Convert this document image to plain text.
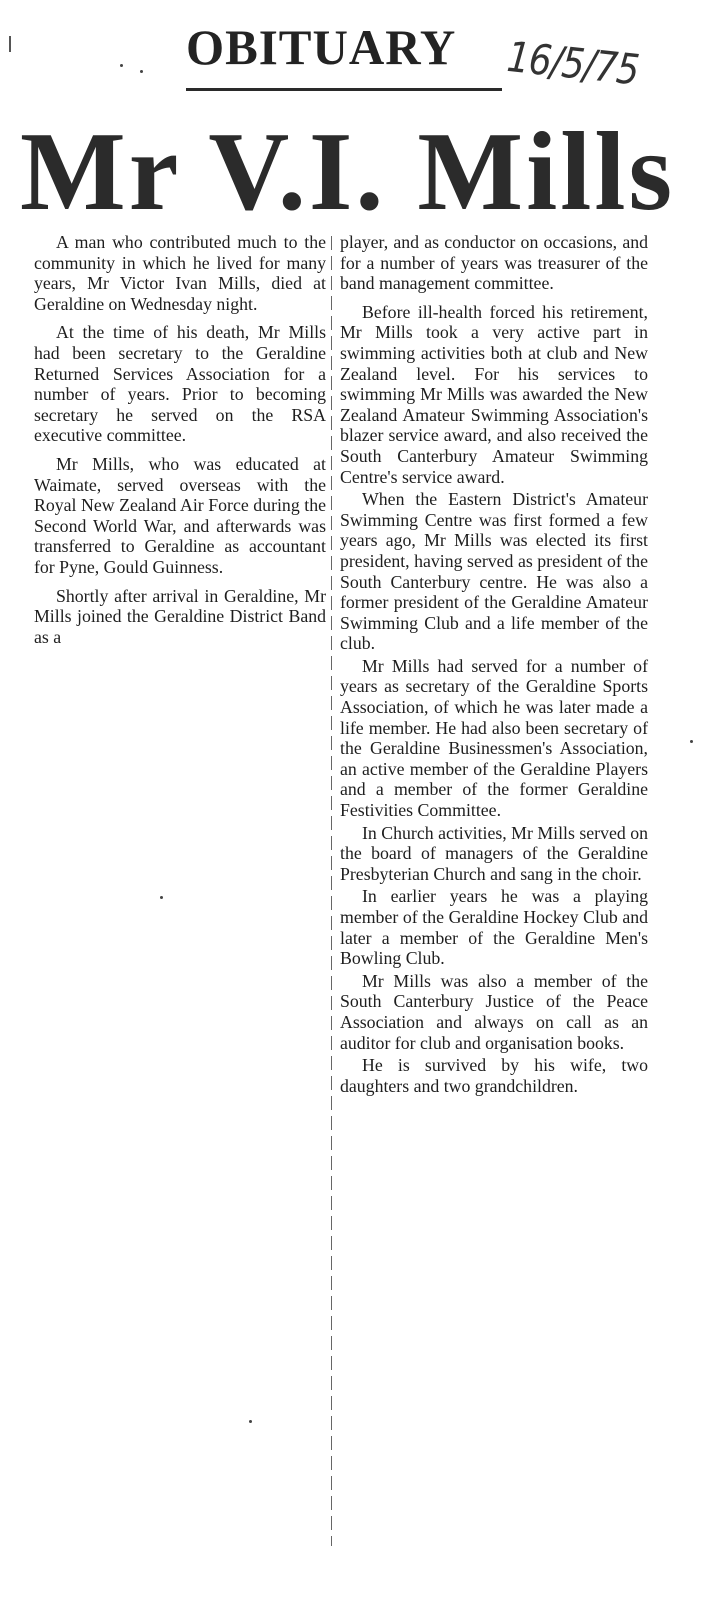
OBITUARY 16/5/75
Mr V.I. Mills

A man who contributed much to the community in which he lived for many years, Mr Victor Ivan Mills, died at Geraldine on Wednesday night.

At the time of his death, Mr Mills had been secretary to the Geraldine Returned Services Association for a number of years. Prior to becoming secretary he served on the RSA executive committee.

Mr Mills, who was educated at Waimate, served overseas with the Royal New Zealand Air Force during the Second World War, and afterwards was transferred to Geraldine as accountant for Pyne, Gould Guinness.

Shortly after arrival in Geraldine, Mr Mills joined the Geraldine District Band as a

player, and as conductor on occasions, and for a number of years was treasurer of the band management committee.

Before ill-health forced his retirement, Mr Mills took a very active part in swimming activities both at club and New Zealand level. For his services to swimming Mr Mills was awarded the New Zealand Amateur Swimming Association's blazer service award, and also received the South Canterbury Amateur Swimming Centre's service award.

When the Eastern District's Amateur Swimming Centre was first formed a few years ago, Mr Mills was elected its first president, having served as president of the South Canterbury centre. He was also a former president of the Geraldine Amateur Swimming Club and a life member of the club.

Mr Mills had served for a number of years as secretary of the Geraldine Sports Association, of which he was later made a life member. He had also been secretary of the Geraldine Businessmen's Association, an active member of the Geraldine Players and a member of the former Geraldine Festivities Committee.

In Church activities, Mr Mills served on the board of managers of the Geraldine Presbyterian Church and sang in the choir.

In earlier years he was a playing member of the Geraldine Hockey Club and later a member of the Geraldine Men's Bowling Club.

Mr Mills was also a member of the South Canterbury Justice of the Peace Association and always on call as an auditor for club and organisation books.

He is survived by his wife, two daughters and two grandchildren.
